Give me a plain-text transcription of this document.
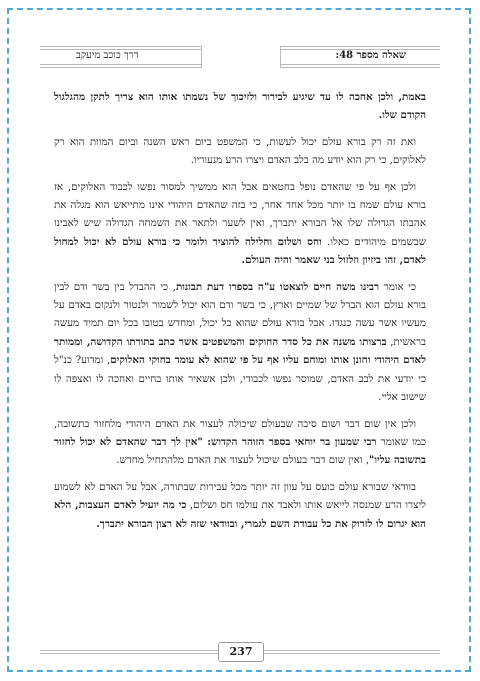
שאלה מספר 48:
דרך כוכב מיעקב

באמת, ולכן אחכה לו עד שיגיע לבירור ולזיכוך של נשמתו אותו הוא צריך לתקן מהגלגול הקודם שלו.

ואת זה רק בורא עולם יכול לעשות, כי המשפט ביום ראש השנה וביום המוות הוא רק לאלוקים, כי רק הוא יודע מה בלב האדם ויצרו הרע מנעוריו.

ולכן אף על פי שהאדם נופל בחטאים אבל הוא ממשיך למסור נפשו לכבוד האלוקים, אז בורא עולם שמח בו יותר מכל אחד אחר, כי בזה שהאדם היהודי אינו מתייאש הוא מגלה את אהבתו הגדולה שלו אל הבורא יתברך, ואין לשער ולתאר את השמחה הגדולה שיש לאבינו שבשמים מיהודים כאלו. וחס ושלום וחלילה להוציר ולומר כי בורא עולם לא יכול למחול לאדם, זהו ביזיון וזלזול בני שאמר והיה העולם.

כי אומר רבינו משה חיים לוצאטו ע"ה בספרו דעת תבונות, כי ההבדל בין בשר ודם לבין בורא עולם הוא הבדל של שמיים וארץ, כי בשר ודם הוא יכול לשמור ולנטור ולנקום באדם על מעשיו אשר עשה כנגדו. אבל בורא עולם שהוא כל יכול, ומחדש בטובו בכל יום תמיד מעשה בראשית, ברצותו משנה את כל סדר החוקים והמשפטים אשר כתב בתורתו הקדושה, וממותר לאדם היהודי וחונן אותו ומוחם עליו אף על פי שהוא לא עומד בחוקי האלוקים, ומדוע? כנ"ל כי יודעי את לבב האדם, שמוסר נפשו לכבודי, ולכן אשאיר אותו בחיים ואחכה לו ואצפה לו שישוב אליי.

ולכן אין שום דבר ושום סיבה שבעולם שיכולה לעצור את האדם היהודי מלחזור בתשובה, כמו שאומר רבי שמעון בר יוחאי בספר הזוהר הקדוש: "אין לך דבר שהאדם לא יכול לחזור בתשובה עליו", ואין שום דבר בעולם שיכול לעצור את האדם מלהתחיל מחדש.

בוודאי שבורא עולם כועס על עוון זה יותר מכל עבירות שבתורה, אבל על האדם לא לשמוע ליצרו הרע שמנסה לייאש אותו ולאבד את עולמו חס ושלום, כי מה יועיל לאדם העצבות, הלא הוא יגרום לו לזרוק את כל עבודת השם לגמרי, ובוודאי שזה לא רצון הבורא יתברך.

237
